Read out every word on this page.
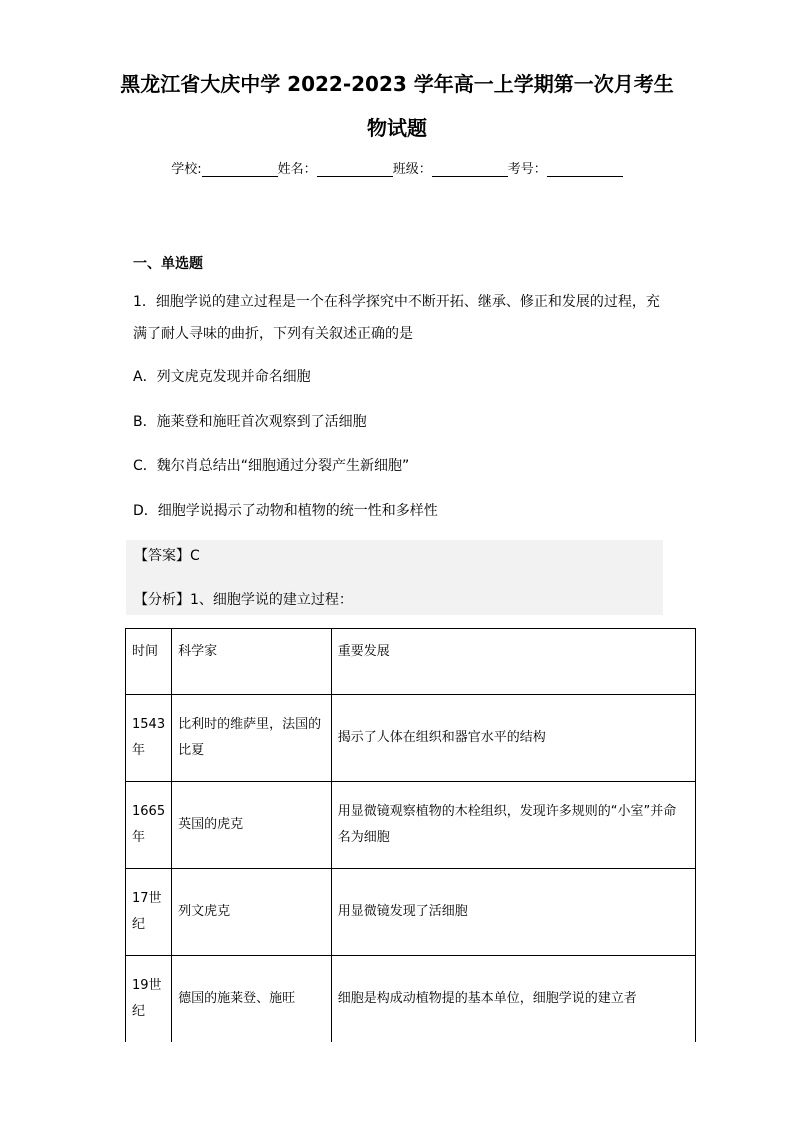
黑龙江省大庆中学 2022-2023 学年高一上学期第一次月考生
物试题
学校:	姓名：	班级：	考号：
一、单选题
1．细胞学说的建立过程是一个在科学探究中不断开拓、继承、修正和发展的过程，充满了耐人寻味的曲折，下列有关叙述正确的是
A．列文虎克发现并命名细胞
B．施莱登和施旺首次观察到了活细胞
C．魏尔肖总结出“细胞通过分裂产生新细胞”
D．细胞学说揭示了动物和植物的统一性和多样性
【答案】C
【分析】1、细胞学说的建立过程：
时间	科学家	重要发展
1543年	比利时的维萨里，法国的比夏	揭示了人体在组织和器官水平的结构
1665年	英国的虎克	用显微镜观察植物的木栓组织，发现许多规则的“小室”并命名为细胞
17世纪	列文虎克	用显微镜发现了活细胞
19世纪	德国的施莱登、施旺	细胞是构成动植物提的基本单位，细胞学说的建立者
